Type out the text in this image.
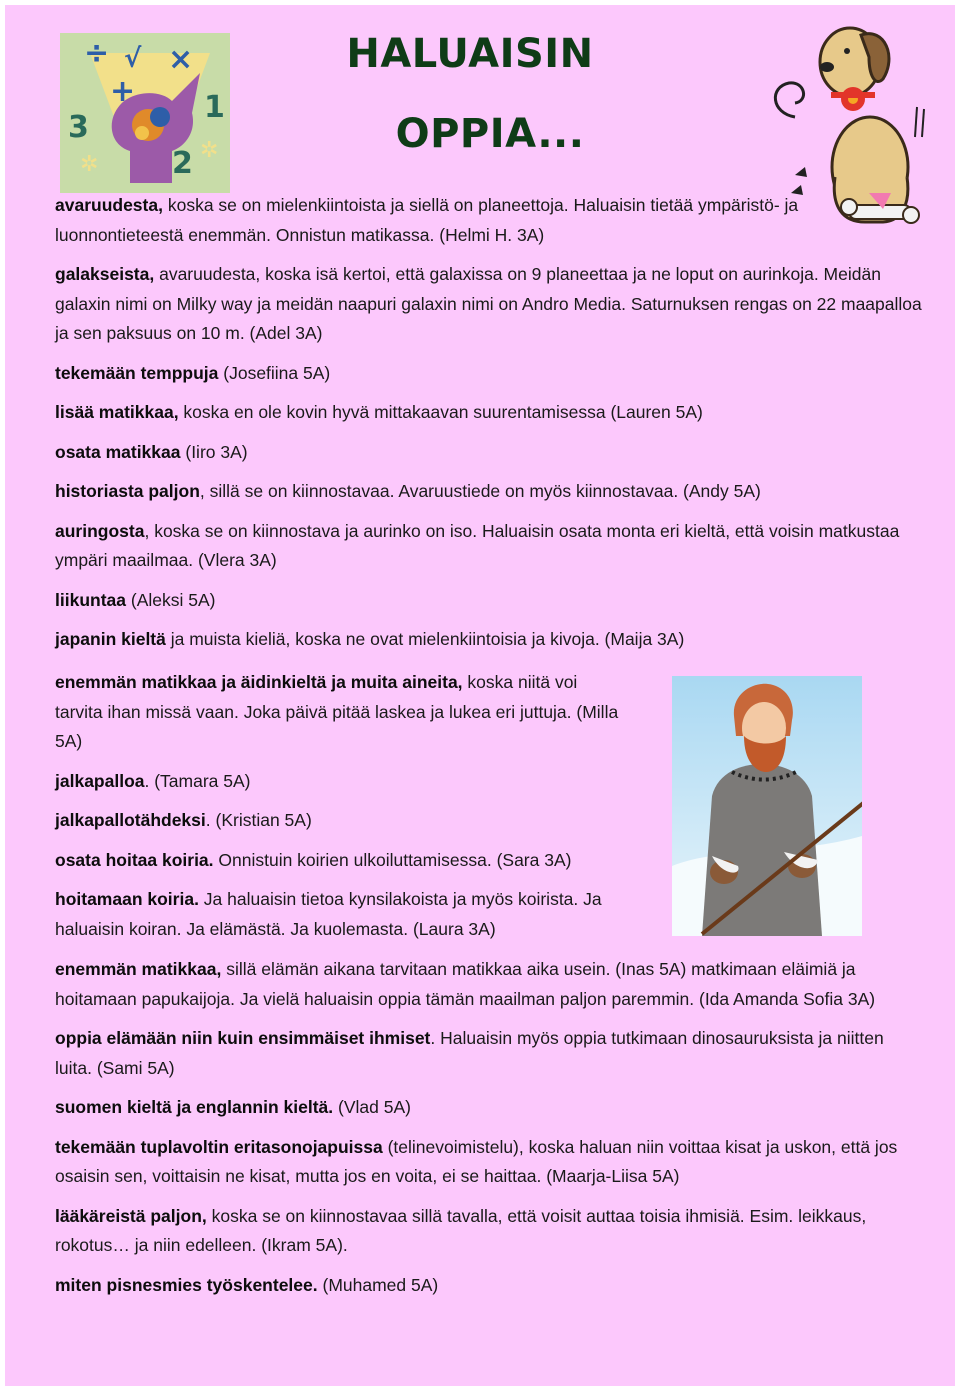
÷ √ ×
+
3
1
2
✲
✲
HALUAISIN
OPPIA...

avaruudesta, koska se on mielenkiintoista ja siellä on planeettoja. Haluaisin tietää ympäristö- ja luonnontieteestä enemmän. Onnistun matikassa. (Helmi H. 3A)

galakseista, avaruudesta, koska isä kertoi, että galaxissa on 9 planeettaa ja ne loput on aurinkoja. Meidän galaxin nimi on Milky way ja meidän naapuri galaxin nimi on Andro Media. Saturnuksen rengas on 22 maapalloa ja sen paksuus on 10 m. (Adel 3A)

tekemään temppuja (Josefiina 5A)

lisää matikkaa, koska en ole kovin hyvä mittakaavan suurentamisessa (Lauren 5A)

osata matikkaa (Iiro 3A)

historiasta paljon, sillä se on kiinnostavaa. Avaruustiede on myös kiinnostavaa. (Andy 5A)

auringosta, koska se on kiinnostava ja aurinko on iso. Haluaisin osata monta eri kieltä, että voisin matkustaa ympäri maailmaa. (Vlera 3A)

liikuntaa (Aleksi 5A)

japanin kieltä ja muista kieliä, koska ne ovat mielenkiintoisia ja kivoja. (Maija 3A)

enemmän matikkaa ja äidinkieltä ja muita aineita, koska niitä voi tarvita ihan missä vaan. Joka päivä pitää laskea ja lukea eri juttuja. (Milla 5A)

jalkapalloa. (Tamara 5A)

jalkapallotähdeksi. (Kristian 5A)

osata hoitaa koiria. Onnistuin koirien ulkoiluttamisessa. (Sara 3A)

hoitamaan koiria. Ja haluaisin tietoa kynsilakoista ja myös koirista. Ja haluaisin koiran. Ja elämästä. Ja kuolemasta. (Laura 3A)

enemmän matikkaa, sillä elämän aikana tarvitaan matikkaa aika usein. (Inas 5A) matkimaan eläimiä ja hoitamaan papukaijoja. Ja vielä haluaisin oppia tämän maailman paljon paremmin. (Ida Amanda Sofia 3A)

oppia elämään niin kuin ensimmäiset ihmiset. Haluaisin myös oppia tutkimaan dinosauruksista ja niitten luita. (Sami 5A)

suomen kieltä ja englannin kieltä. (Vlad 5A)

tekemään tuplavoltin eritasonojapuissa (telinevoimistelu), koska haluan niin voittaa kisat ja uskon, että jos osaisin sen, voittaisin ne kisat, mutta jos en voita, ei se haittaa. (Maarja-Liisa 5A)

lääkäreistä paljon, koska se on kiinnostavaa sillä tavalla, että voisit auttaa toisia ihmisiä. Esim. leikkaus, rokotus… ja niin edelleen. (Ikram 5A).

miten pisnesmies työskentelee. (Muhamed 5A)
